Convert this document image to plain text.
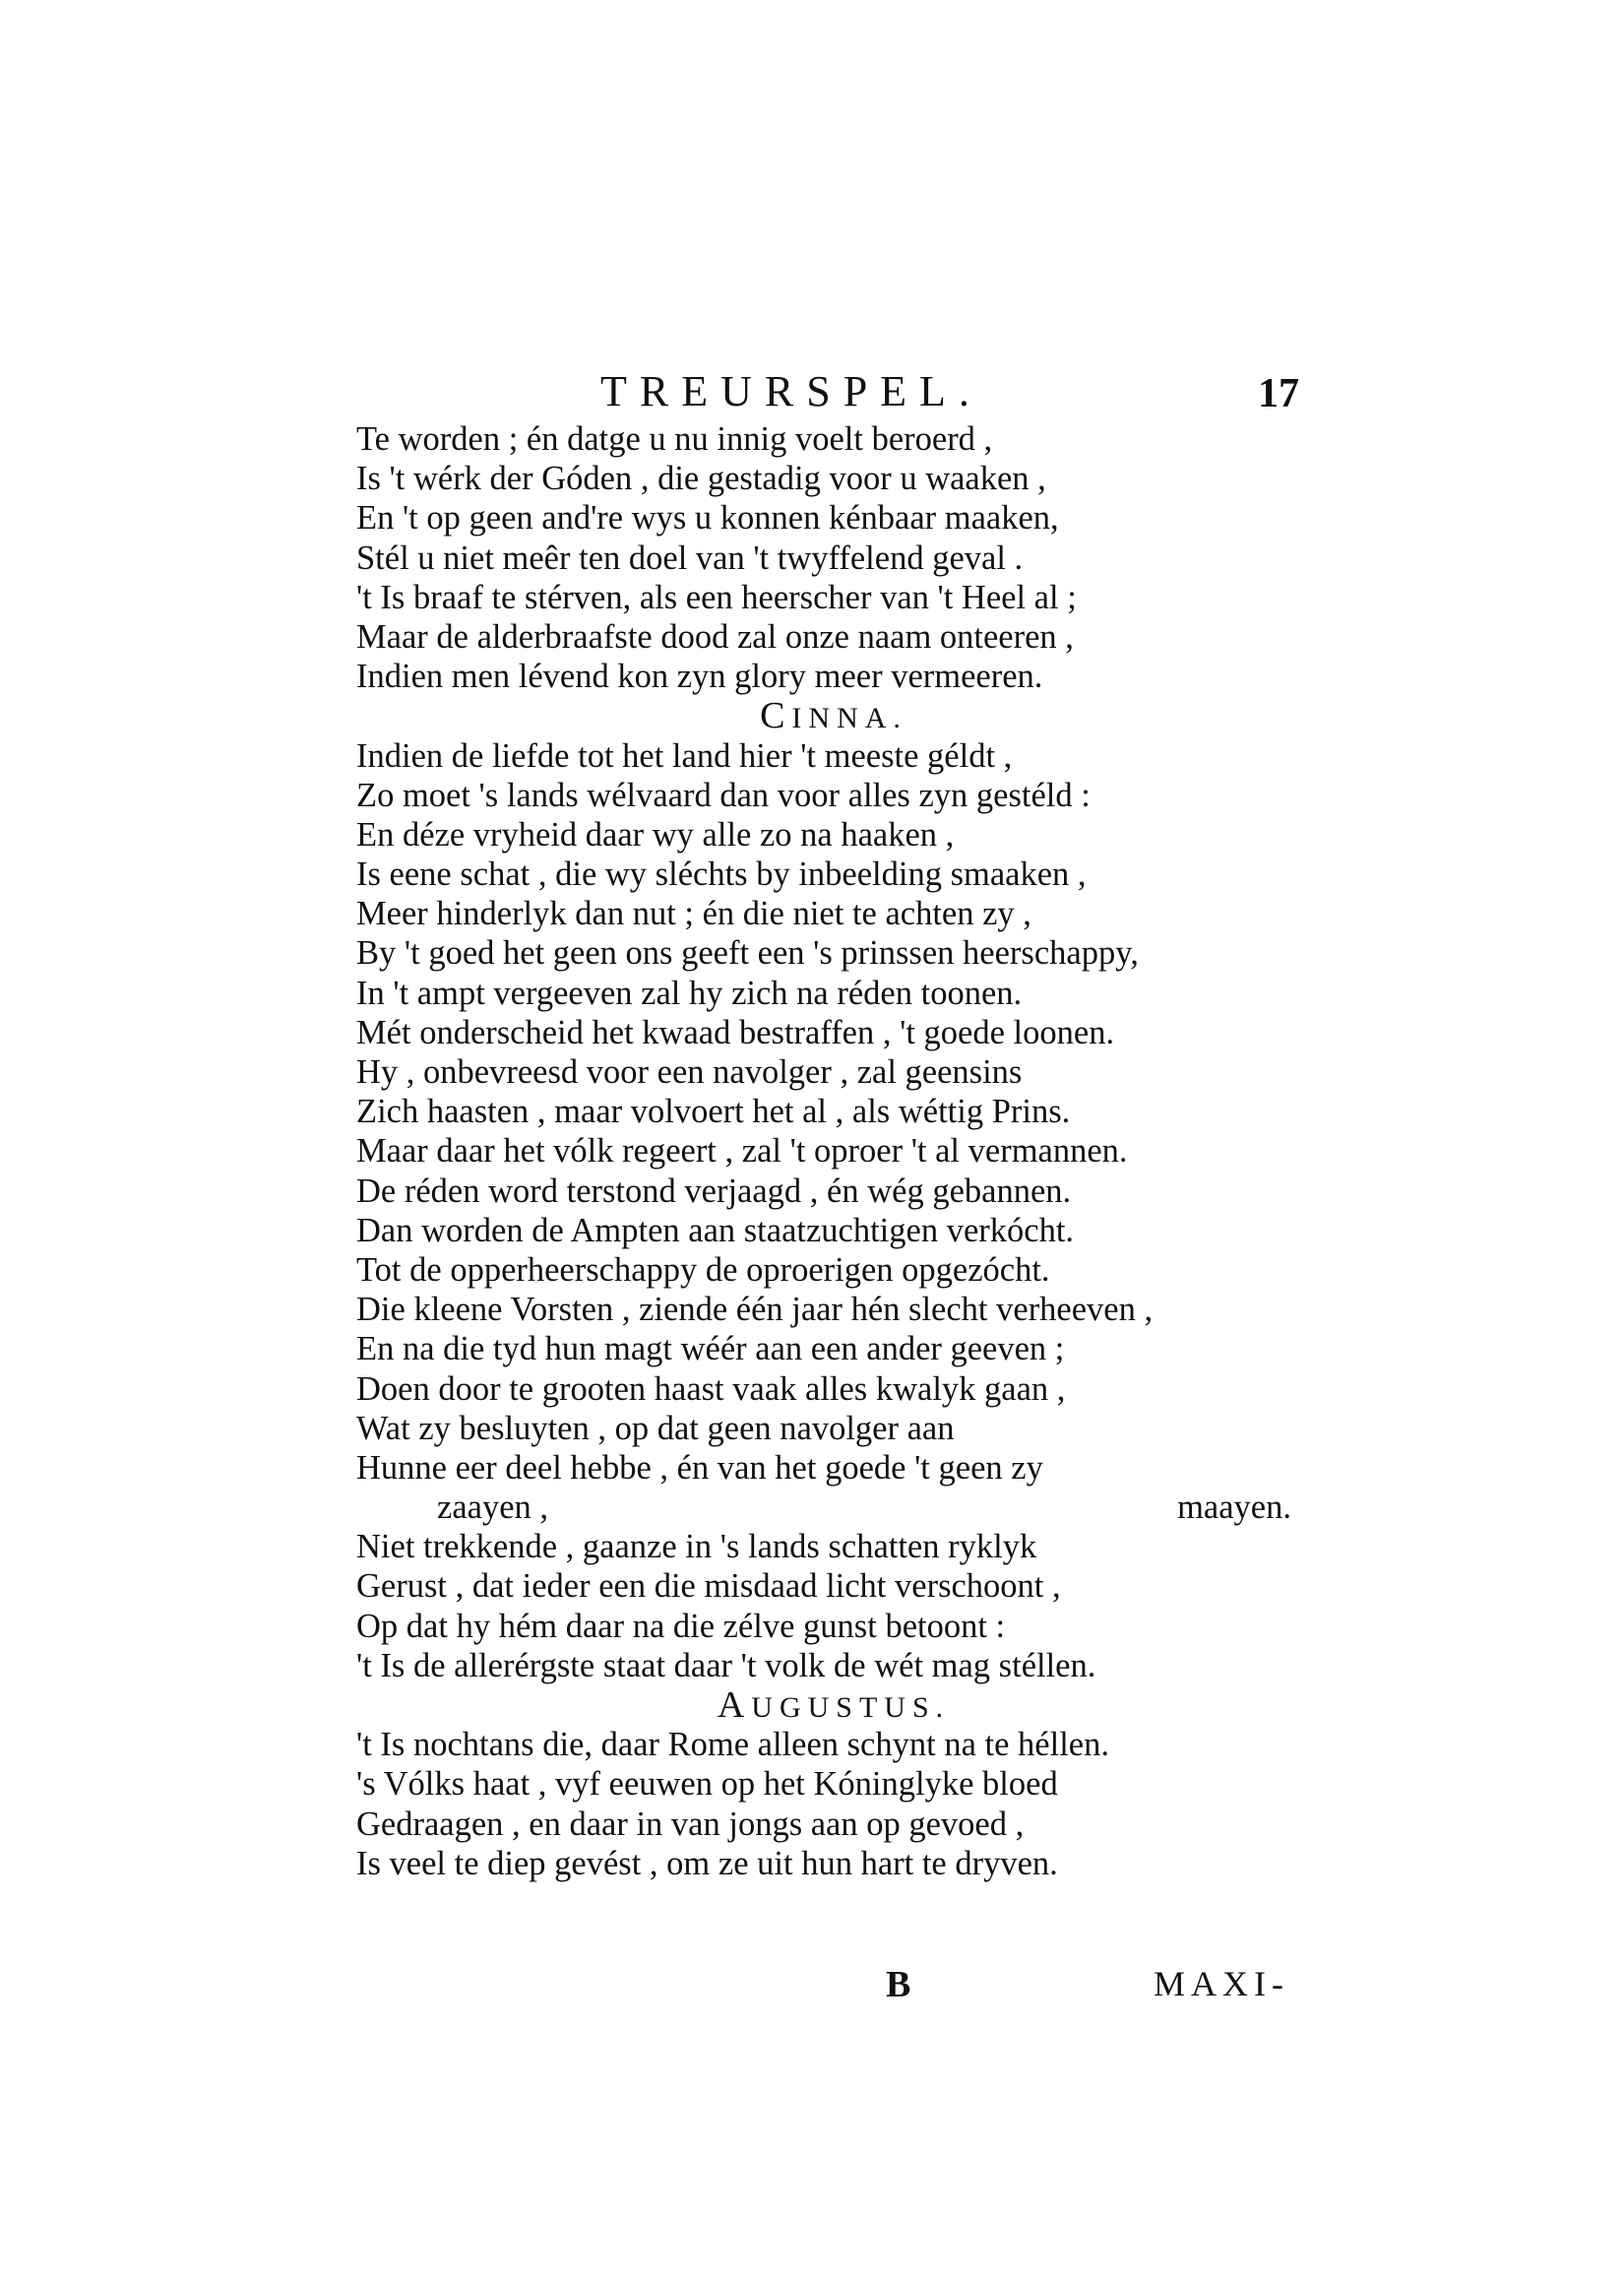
TREURSPEL.	17
Te worden ; én datge u nu innig voelt beroerd ,
Is 't wérk der Góden , die gestadig voor u waaken ,
En 't op geen and're wys u konnen kénbaar maaken,
Stél u niet meêr ten doel van 't twyffelend geval .
't Is braaf te stérven, als een heerscher van 't Heel al ;
Maar de alderbraafste dood zal onze naam onteeren ,
Indien men lévend kon zyn glory meer vermeeren.
CINNA.
Indien de liefde tot het land hier 't meeste géldt ,
Zo moet 's lands wélvaard dan voor alles zyn gestéld :
En déze vryheid daar wy alle zo na haaken ,
Is eene schat , die wy sléchts by inbeelding smaaken ,
Meer hinderlyk dan nut ; én die niet te achten zy ,
By 't goed het geen ons geeft een 's prinssen heerschappy,
In 't ampt vergeeven zal hy zich na réden toonen.
Mét onderscheid het kwaad bestraffen , 't goede loonen.
Hy , onbevreesd voor een navolger , zal geensins
Zich haasten , maar volvoert het al , als wéttig Prins.
Maar daar het vólk regeert , zal 't oproer 't al vermannen.
De réden word terstond verjaagd , én wég gebannen.
Dan worden de Ampten aan staatzuchtigen verkócht.
Tot de opperheerschappy de oproerigen opgezócht.
Die kleene Vorsten , ziende één jaar hén slecht verheeven ,
En na die tyd hun magt wéér aan een ander geeven ;
Doen door te grooten haast vaak alles kwalyk gaan ,
Wat zy besluyten , op dat geen navolger aan
Hunne eer deel hebbe , én van het goede 't geen zy
zaayen ,	maayen.
Niet trekkende , gaanze in 's lands schatten ryklyk
Gerust , dat ieder een die misdaad licht verschoont ,
Op dat hy hém daar na die zélve gunst betoont :
't Is de allerérgste staat daar 't volk de wét mag stéllen.
AUGUSTUS.
't Is nochtans die, daar Rome alleen schynt na te héllen.
's Vólks haat , vyf eeuwen op het Kóninglyke bloed
Gedraagen , en daar in van jongs aan op gevoed ,
Is veel te diep gevést , om ze uit hun hart te dryven.
B	MAXI-
